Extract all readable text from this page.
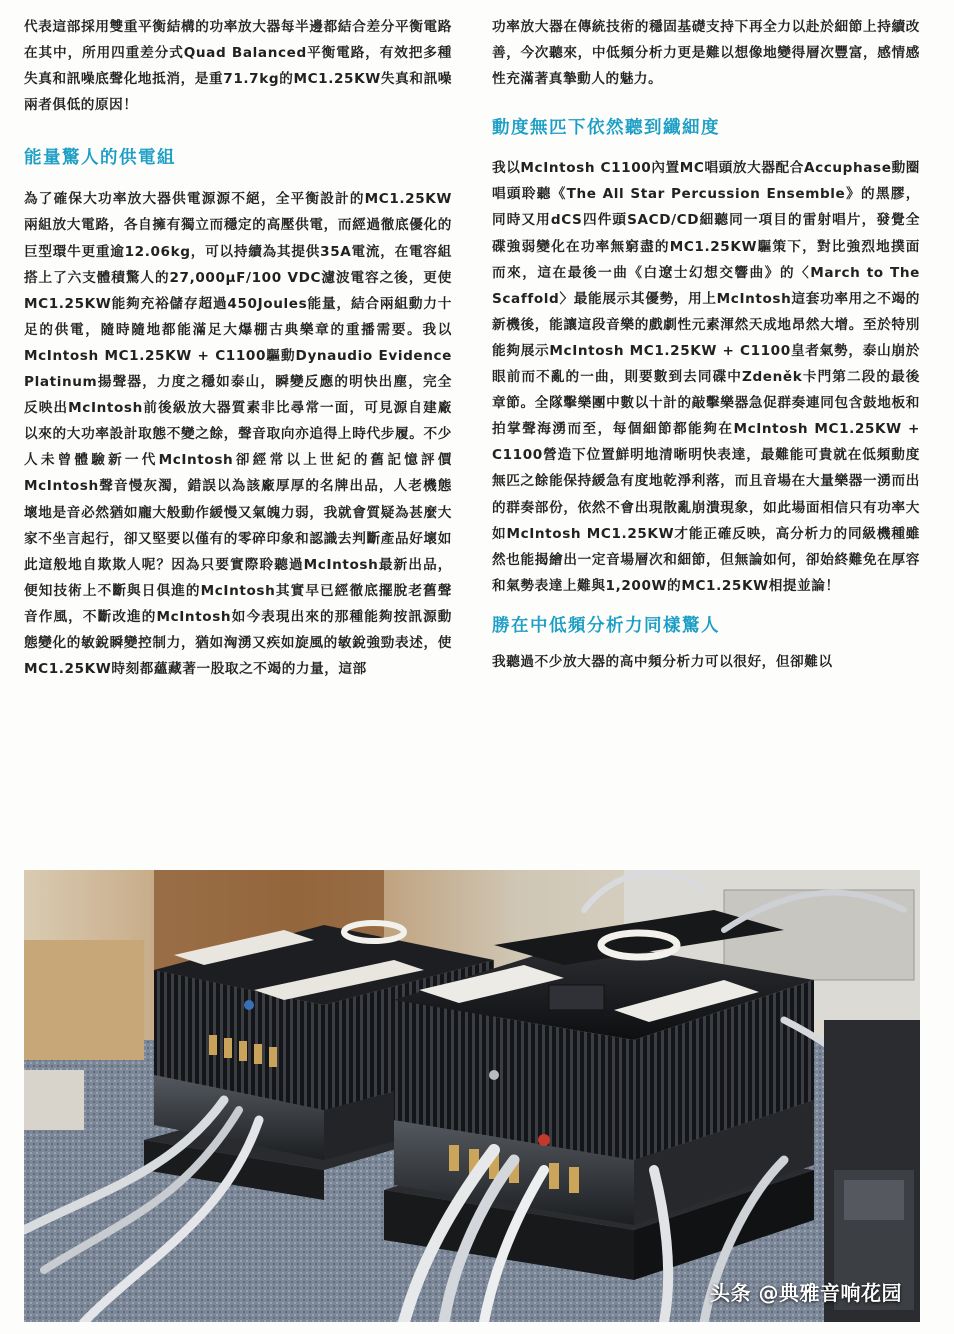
代表這部採用雙重平衡結構的功率放大器每半邊都結合差分平衡電路在其中，所用四重差分式Quad Balanced平衡電路，有效把多種失真和訊噪底聲化地抵消，是重71.7kg的MC1.25KW失真和訊噪兩者俱低的原因！

能量驚人的供電組

為了確保大功率放大器供電源源不絕，全平衡設計的MC1.25KW兩組放大電路，各自擁有獨立而穩定的高壓供電，而經過徹底優化的巨型環牛更重逾12.06kg，可以持續為其提供35A電流，在電容組搭上了六支體積驚人的27,000μF/100 VDC濾波電容之後，更使MC1.25KW能夠充裕儲存超過450Joules能量，結合兩組動力十足的供電，隨時隨地都能滿足大爆棚古典樂章的重播需要。我以McIntosh MC1.25KW + C1100驅動Dynaudio Evidence Platinum揚聲器，力度之穩如泰山，瞬變反應的明快出塵，完全反映出McIntosh前後級放大器質素非比尋常一面，可見源自建廠以來的大功率設計取態不變之餘，聲音取向亦追得上時代步履。不少人未曾體驗新一代McIntosh卻經常以上世紀的舊記憶評價McIntosh聲音慢灰濁，錯誤以為該廠厚厚的名牌出品，人老機態壞地是音必然猶如龐大般動作緩慢又氣魄力弱，我就會質疑為甚麼大家不坐言起行，卻又堅要以僅有的零碎印象和認識去判斷產品好壞如此這般地自欺欺人呢？因為只要實際聆聽過McIntosh最新出品，便知技術上不斷與日俱進的McIntosh其實早已經徹底擺脫老舊聲音作風，不斷改進的McIntosh如今表現出來的那種能夠按訊源動態變化的敏銳瞬變控制力，猶如洶湧又疾如旋風的敏銳強勁表述，使MC1.25KW時刻都蘊藏著一股取之不竭的力量，這部

功率放大器在傳統技術的穩固基礎支持下再全力以赴於細節上持續改善，今次聽來，中低頻分析力更是難以想像地變得層次豐富，感情感性充滿著真摯動人的魅力。

動度無匹下依然聽到纖細度

我以McIntosh C1100內置MC唱頭放大器配合Accuphase動圈唱頭聆聽《The All Star Percussion Ensemble》的黑膠，同時又用dCS四件頭SACD/CD細聽同一項目的雷射唱片，發覺全碟強弱變化在功率無窮盡的MC1.25KW驅策下，對比強烈地撲面而來，這在最後一曲《白遼士幻想交響曲》的〈March to The Scaffold〉最能展示其優勢，用上McIntosh這套功率用之不竭的新機後，能讓這段音樂的戲劇性元素渾然天成地昂然大增。至於特別能夠展示McIntosh MC1.25KW + C1100皇者氣勢，泰山崩於眼前而不亂的一曲，則要數到去同碟中Zdeněk卡門第二段的最後章節。全隊擊樂團中數以十計的敲擊樂器急促群奏連同包含鼓地板和拍掌聲海湧而至，每個細節都能夠在McIntosh MC1.25KW + C1100營造下位置鮮明地清晰明快表達，最難能可貴就在低頻動度無匹之餘能保持緩急有度地乾淨利落，而且音場在大量樂器一湧而出的群奏部份，依然不會出現散亂崩潰現象，如此場面相信只有功率大如McIntosh MC1.25KW才能正確反映，高分析力的同級機種雖然也能揭繪出一定音場層次和細節，但無論如何，卻始終難免在厚容和氣勢表達上難與1,200W的MC1.25KW相提並論！

勝在中低頻分析力同樣驚人

我聽過不少放大器的高中頻分析力可以很好，但卻難以

头条 @典雅音响花园
